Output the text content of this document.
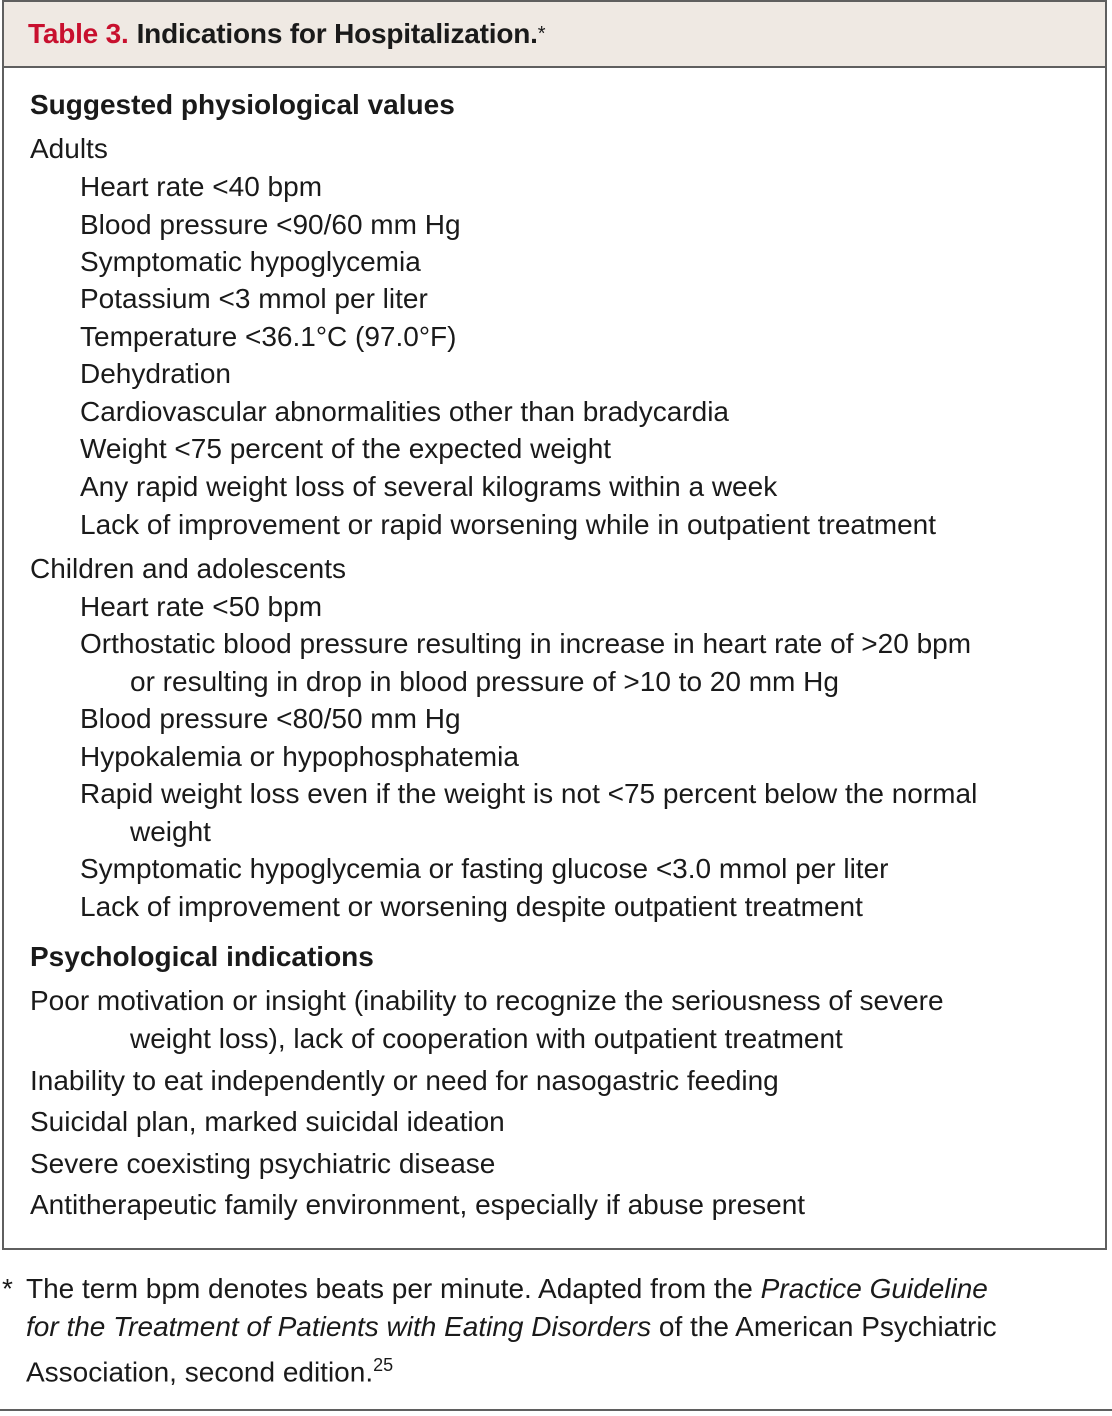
Table 3. Indications for Hospitalization. *
Suggested physiological values
Adults
Heart rate <40 bpm
Blood pressure <90/60 mm Hg
Symptomatic hypoglycemia
Potassium <3 mmol per liter
Temperature <36.1°C (97.0°F)
Dehydration
Cardiovascular abnormalities other than bradycardia
Weight <75 percent of the expected weight
Any rapid weight loss of several kilograms within a week
Lack of improvement or rapid worsening while in outpatient treatment
Children and adolescents
Heart rate <50 bpm
Orthostatic blood pressure resulting in increase in heart rate of >20 bpm
or resulting in drop in blood pressure of >10 to 20 mm Hg
Blood pressure <80/50 mm Hg
Hypokalemia or hypophosphatemia
Rapid weight loss even if the weight is not <75 percent below the normal
weight
Symptomatic hypoglycemia or fasting glucose <3.0 mmol per liter
Lack of improvement or worsening despite outpatient treatment
Psychological indications
Poor motivation or insight (inability to recognize the seriousness of severe
weight loss), lack of cooperation with outpatient treatment
Inability to eat independently or need for nasogastric feeding
Suicidal plan, marked suicidal ideation
Severe coexisting psychiatric disease
Antitherapeutic family environment, especially if abuse present
* The term bpm denotes beats per minute. Adapted from the Practice Guideline
for the Treatment of Patients with Eating Disorders of the American Psychiatric
Association, second edition.$^{25}$
